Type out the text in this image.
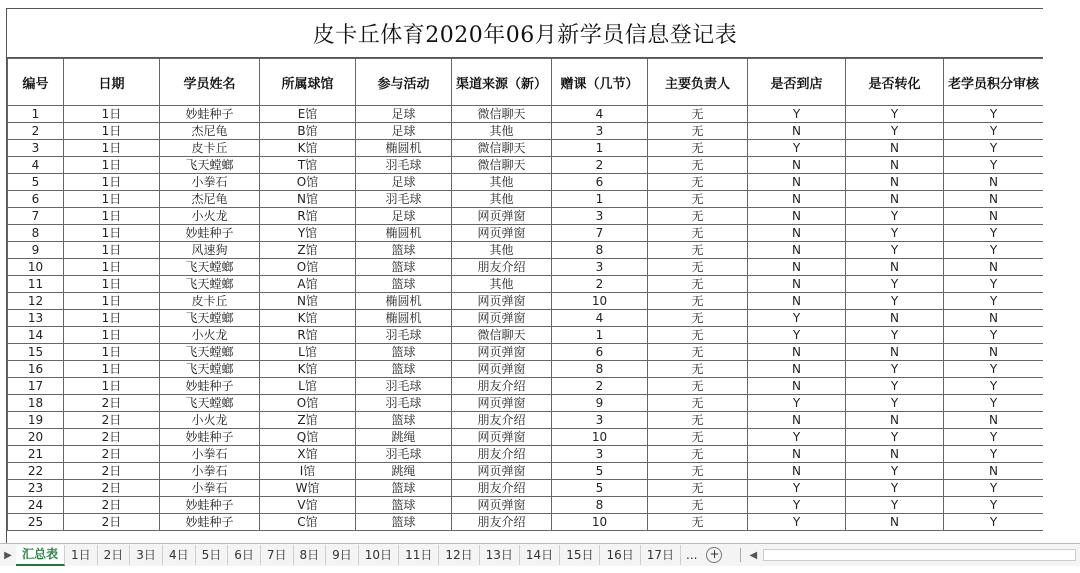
皮卡丘体育2020年06月新学员信息登记表
编号	日期	学员姓名	所属球馆	参与活动	渠道来源（新）	赠课（几节）	主要负责人	是否到店	是否转化	老学员积分审核
1	1日	妙蛙种子	E馆	足球	微信聊天	4	无	Y	Y	Y
2	1日	杰尼龟	B馆	足球	其他	3	无	N	Y	Y
3	1日	皮卡丘	K馆	椭圆机	微信聊天	1	无	Y	N	Y
4	1日	飞天螳螂	T馆	羽毛球	微信聊天	2	无	N	N	Y
5	1日	小拳石	O馆	足球	其他	6	无	N	N	N
6	1日	杰尼龟	N馆	羽毛球	其他	1	无	N	N	N
7	1日	小火龙	R馆	足球	网页弹窗	3	无	N	Y	N
8	1日	妙蛙种子	Y馆	椭圆机	网页弹窗	7	无	N	Y	Y
9	1日	风速狗	Z馆	篮球	其他	8	无	N	Y	Y
10	1日	飞天螳螂	O馆	篮球	朋友介绍	3	无	N	N	N
11	1日	飞天螳螂	A馆	篮球	其他	2	无	N	Y	Y
12	1日	皮卡丘	N馆	椭圆机	网页弹窗	10	无	N	Y	Y
13	1日	飞天螳螂	K馆	椭圆机	网页弹窗	4	无	Y	N	N
14	1日	小火龙	R馆	羽毛球	微信聊天	1	无	Y	Y	Y
15	1日	飞天螳螂	L馆	篮球	网页弹窗	6	无	N	N	N
16	1日	飞天螳螂	K馆	篮球	网页弹窗	8	无	N	Y	Y
17	1日	妙蛙种子	L馆	羽毛球	朋友介绍	2	无	N	Y	Y
18	2日	飞天螳螂	O馆	羽毛球	网页弹窗	9	无	Y	Y	Y
19	2日	小火龙	Z馆	篮球	朋友介绍	3	无	N	N	N
20	2日	妙蛙种子	Q馆	跳绳	网页弹窗	10	无	Y	Y	Y
21	2日	小拳石	X馆	羽毛球	朋友介绍	3	无	N	N	Y
22	2日	小拳石	I馆	跳绳	网页弹窗	5	无	N	Y	N
23	2日	小拳石	W馆	篮球	朋友介绍	5	无	Y	Y	Y
24	2日	妙蛙种子	V馆	篮球	网页弹窗	8	无	Y	Y	Y
25	2日	妙蛙种子	C馆	篮球	朋友介绍	10	无	Y	N	Y
▶ 汇总表	1日	2日	3日	4日	5日	6日	7日	8日	9日	10日	11日	12日	13日	14日	15日	16日	17日	... +	◀
